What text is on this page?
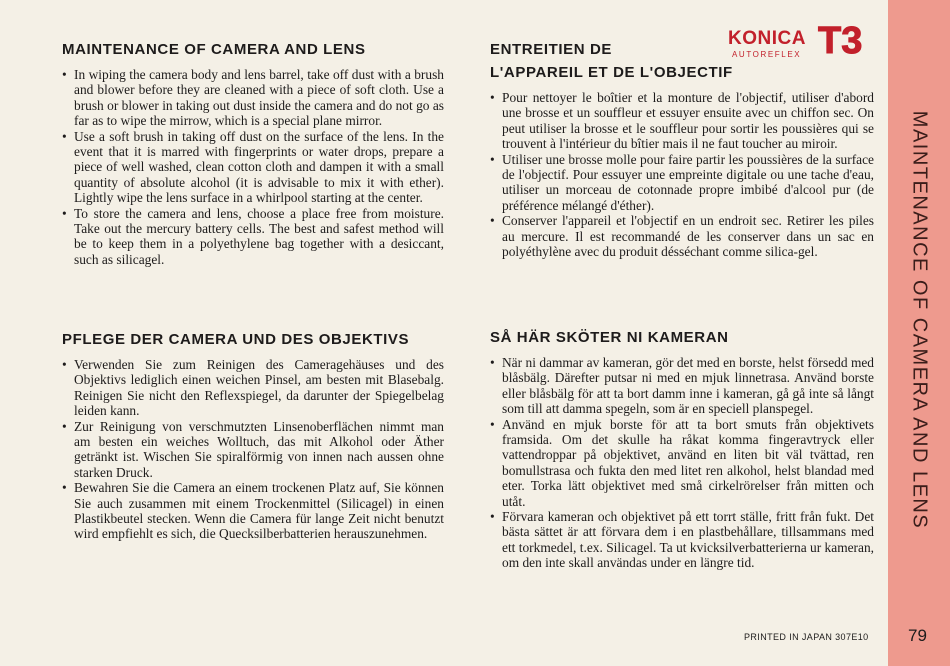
MAINTENANCE OF CAMERA AND LENS
KONICA
AUTOREFLEX T3
MAINTENANCE OF CAMERA AND LENS
• In wiping the camera body and lens barrel, take off dust with a brush and blower before they are cleaned with a piece of soft cloth. Use a brush or blower in taking out dust inside the camera and do not go as far as to wipe the mirrow, which is a special plane mirror.
• Use a soft brush in taking off dust on the surface of the lens. In the event that it is marred with fingerprints or water drops, prepare a piece of well washed, clean cotton cloth and dampen it with a small quantity of absolute alcohol (it is advisable to mix it with ether). Lightly wipe the lens surface in a whirlpool starting at the center.
• To store the camera and lens, choose a place free from moisture. Take out the mercury battery cells. The best and safest method will be to keep them in a polyethylene bag together with a desiccant, such as silicagel.
ENTREITIEN DE
L'APPAREIL ET DE L'OBJECTIF
• Pour nettoyer le boîtier et la monture de l'objectif, utiliser d'abord une brosse et un souffleur et essuyer ensuite avec un chiffon sec. On peut utiliser la brosse et le souffleur pour sortir les poussières qui se trouvent à l'intérieur du bîtier mais il ne faut toucher au miroir.
• Utiliser une brosse molle pour faire partir les poussières de la surface de l'objectif. Pour essuyer une empreinte digitale ou une tache d'eau, utiliser un morceau de cotonnade propre imbibé d'alcool pur (de préférence mélangé d'éther).
• Conserver l'appareil et l'objectif en un endroit sec. Retirer les piles au mercure. Il est recommandé de les conserver dans un sac en polyéthylène avec du produit désséchant comme silica-gel.
PFLEGE DER CAMERA UND DES OBJEKTIVS
• Verwenden Sie zum Reinigen des Cameragehäuses und des Objektivs lediglich einen weichen Pinsel, am besten mit Blasebalg. Reinigen Sie nicht den Reflexspiegel, da darunter der Spiegelbelag leiden kann.
• Zur Reinigung von verschmutzten Linsenoberflächen nimmt man am besten ein weiches Wolltuch, das mit Alkohol oder Äther getränkt ist. Wischen Sie spiralförmig von innen nach aussen ohne starken Druck.
• Bewahren Sie die Camera an einem trockenen Platz auf, Sie können Sie auch zusammen mit einem Trockenmittel (Silicagel) in einen Plastikbeutel stecken. Wenn die Camera für lange Zeit nicht benutzt wird empfiehlt es sich, die Quecksilberbatterien herauszunehmen.
SÅ HÄR SKÖTER NI KAMERAN
• När ni dammar av kameran, gör det med en borste, helst försedd med blåsbälg. Därefter putsar ni med en mjuk linnetrasa. Använd borste eller blåsbälg för att ta bort damm inne i kameran, gå gå inte så långt som till att damma spegeln, som är en speciell planspegel.
• Använd en mjuk borste för att ta bort smuts från objektivets framsida. Om det skulle ha råkat komma fingeravtryck eller vattendroppar på objektivet, använd en liten bit väl tvättad, ren bomullstrasa och fukta den med litet ren alkohol, helst blandad med eter. Torka lätt objektivet med små cirkelrörelser från mitten och utåt.
• Förvara kameran och objektivet på ett torrt ställe, fritt från fukt. Det bästa sättet är att förvara dem i en plastbehållare, tillsammans med ett torkmedel, t.ex. Silicagel. Ta ut kvicksilverbatterierna ur kameran, om den inte skall användas under en längre tid.
PRINTED IN JAPAN 307E10 79
